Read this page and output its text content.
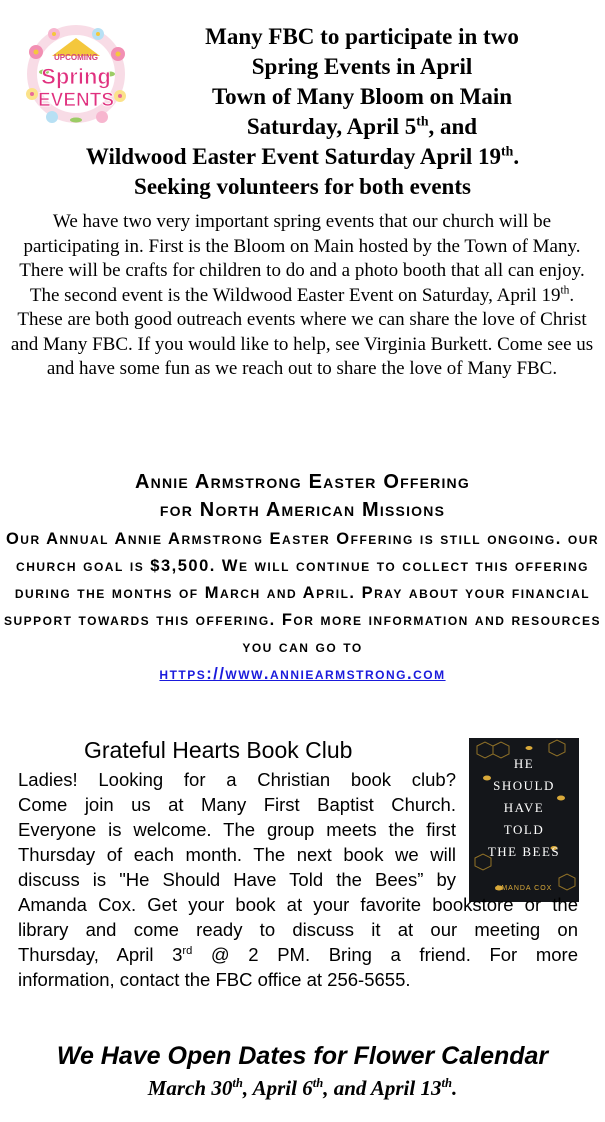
UPCOMING
Spring
EVENTS

Many FBC to participate in two

Spring Events in April

Town of Many Bloom on Main

Saturday, April 5th, and

Wildwood Easter Event Saturday April 19th.

Seeking volunteers for both events

We have two very important spring events that our church will be participating in. First is the Bloom on Main hosted by the Town of Many. There will be crafts for children to do and a photo booth that all can enjoy. The second event is the Wildwood Easter Event on Saturday, April 19th. These are both good outreach events where we can share the love of Christ and Many FBC. If you would like to help, see Virginia Burkett. Come see us and have some fun as we reach out to share the love of Many FBC.

Annie Armstrong Easter Offering

for North American Missions

Our Annual Annie Armstrong Easter Offering is still ongoing. our church goal is $3,500. We will continue to collect this offering during the months of March and April. Pray about your financial support towards this offering. For more information and resources you can go to
https://www.anniearmstrong.com

Grateful Hearts Book Club

HE
SHOULD
HAVE
TOLD
THE BEES
AMANDA COX
Ladies! Looking for a Christian book club?
Come join us at Many First Baptist Church.
Everyone is welcome. The group meets the first
Thursday of each month. The next book we will
discuss is "He Should Have Told the Bees” by
Amanda Cox. Get your book at your favorite bookstore or the
library and come ready to discuss it at our meeting on
Thursday, April 3rd @ 2 PM. Bring a friend. For more
information, contact the FBC office at 256-5655.

We Have Open Dates for Flower Calendar

March 30th, April 6th, and April 13th.
